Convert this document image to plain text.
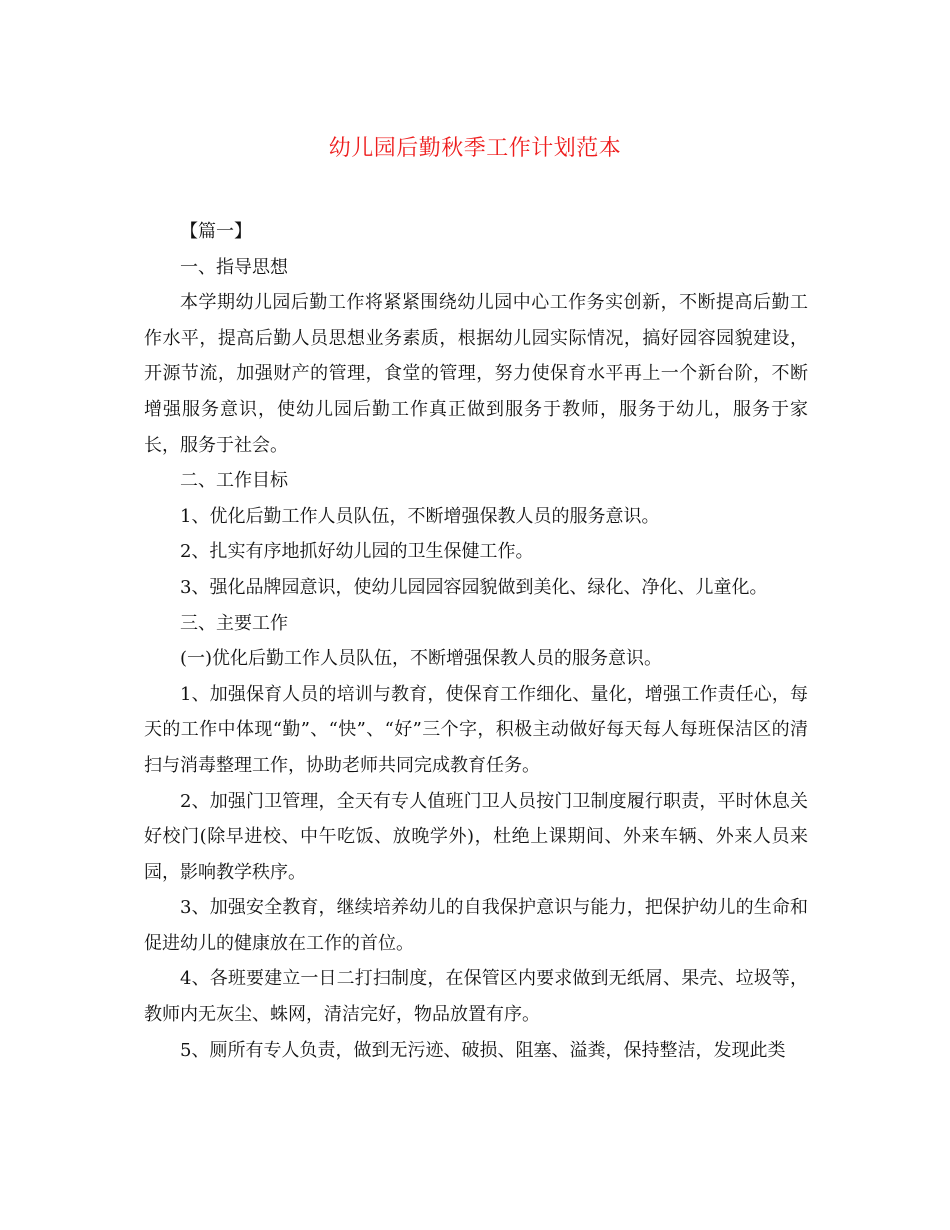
幼儿园后勤秋季工作计划范本

【篇一】

一、指导思想

本学期幼儿园后勤工作将紧紧围绕幼儿园中心工作务实创新，不断提高后勤工作水平，提高后勤人员思想业务素质，根据幼儿园实际情况，搞好园容园貌建设，开源节流，加强财产的管理，食堂的管理，努力使保育水平再上一个新台阶，不断增强服务意识，使幼儿园后勤工作真正做到服务于教师，服务于幼儿，服务于家长，服务于社会。

二、工作目标

1、优化后勤工作人员队伍，不断增强保教人员的服务意识。

2、扎实有序地抓好幼儿园的卫生保健工作。

3、强化品牌园意识，使幼儿园园容园貌做到美化、绿化、净化、儿童化。

三、主要工作

(一)优化后勤工作人员队伍，不断增强保教人员的服务意识。

1、加强保育人员的培训与教育，使保育工作细化、量化，增强工作责任心，每天的工作中体现“勤”、“快”、“好”三个字，积极主动做好每天每人每班保洁区的清扫与消毒整理工作，协助老师共同完成教育任务。

2、加强门卫管理，全天有专人值班门卫人员按门卫制度履行职责，平时休息关好校门(除早进校、中午吃饭、放晚学外)，杜绝上课期间、外来车辆、外来人员来园，影响教学秩序。

3、加强安全教育，继续培养幼儿的自我保护意识与能力，把保护幼儿的生命和促进幼儿的健康放在工作的首位。

4、各班要建立一日二打扫制度，在保管区内要求做到无纸屑、果壳、垃圾等，教师内无灰尘、蛛网，清洁完好，物品放置有序。

5、厕所有专人负责，做到无污迹、破损、阻塞、溢粪，保持整洁，发现此类
